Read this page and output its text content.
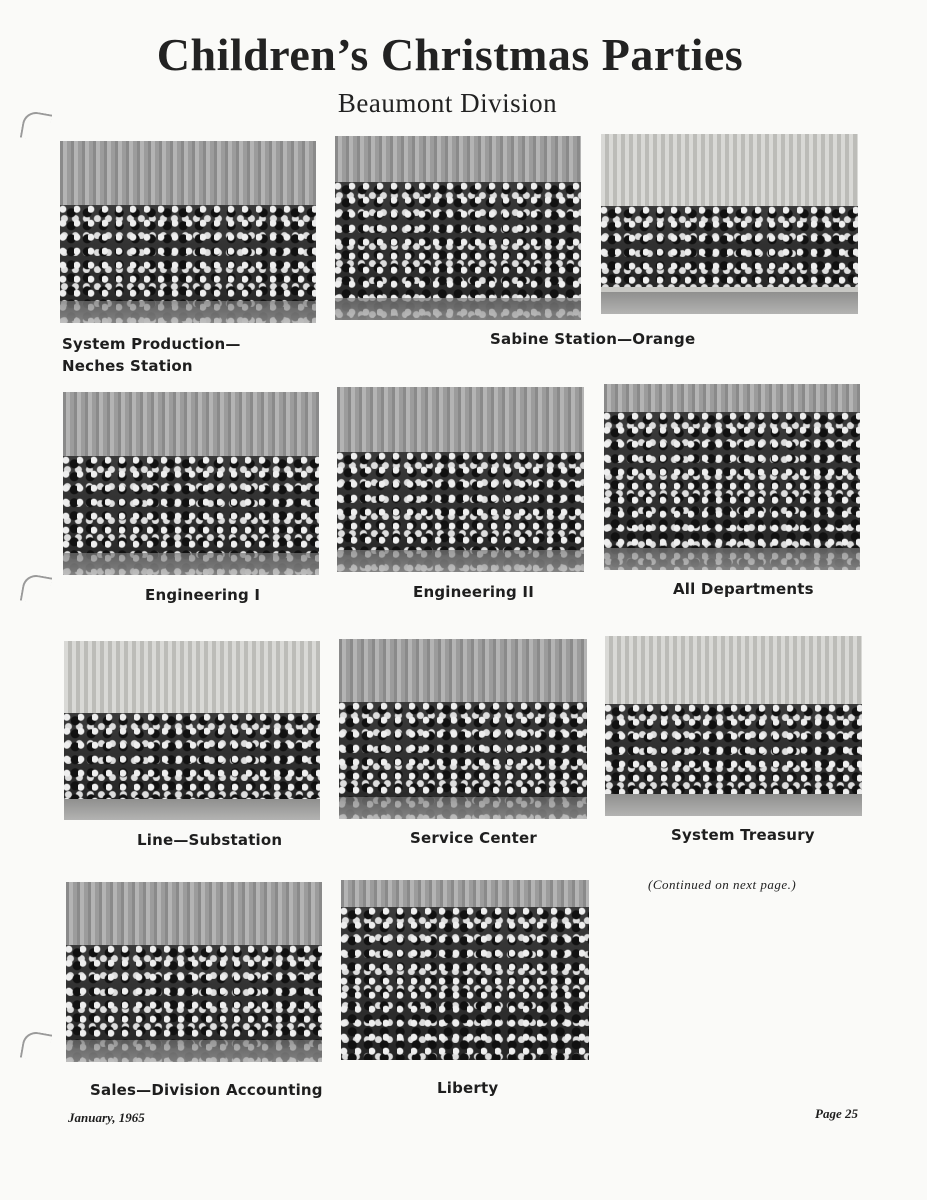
Children’s Christmas Parties
Beaumont Division
System Production—Neches Station
Sabine Station—Orange
Engineering I	Engineering II	All Departments
Line—Substation	Service Center	System Treasury
(Continued on next page.)
Sales—Division Accounting	Liberty
January, 1965	Page 25
